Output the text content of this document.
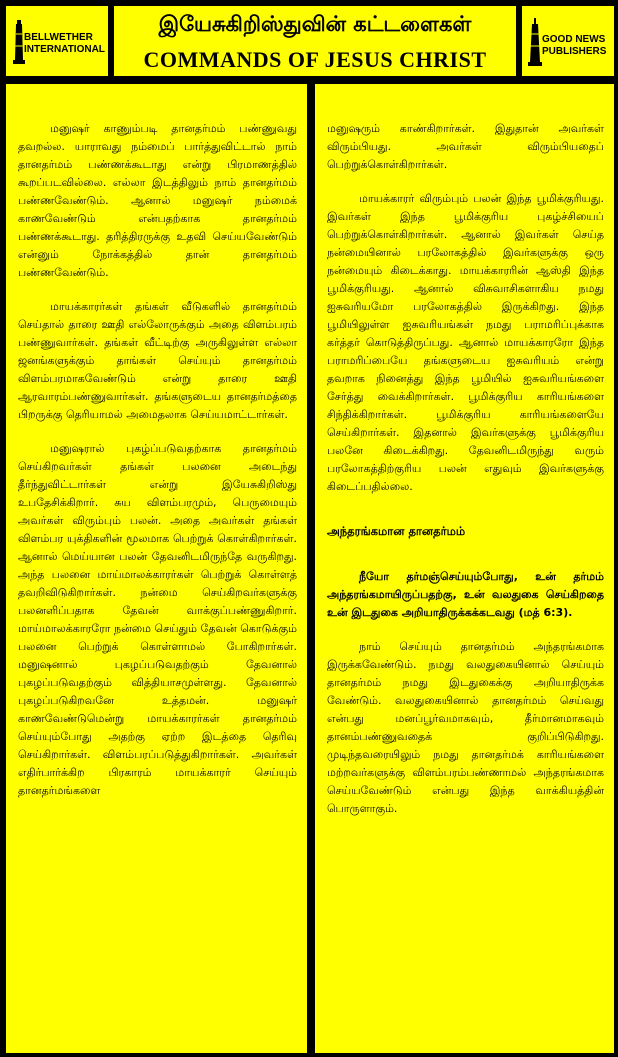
BELLWETHER
INTERNATIONAL
இயேசுகிறிஸ்துவின் கட்டளைகள்
COMMANDS OF JESUS CHRIST
GOOD NEWS
PUBLISHERS

மனுஷர் காணும்படி தானதர்மம் பண்ணுவது தவறல்ல. யாராவது நம்மைப் பார்த்துவிட்டால் நாம் தானதர்மம் பண்ணக்கூடாது என்று பிரமாணத்தில் கூறப்படவில்லை. எல்லா இடத்திலும் நாம் தானதர்மம் பண்ணவேண்டும். ஆனால் மனுஷர் நம்மைக் காணவேண்டும் என்பதற்காக தானதர்மம் பண்ணக்கூடாது. தரித்திரருக்கு உதவி செய்யவேண்டும் என்னும் நோக்கத்தில் தான் தானதர்மம் பண்ணவேண்டும்.

மாயக்காரர்கள் தங்கள் வீடுகளில் தானதர்மம் செய்தால் தாரை ஊதி எல்லோருக்கும் அதை விளம்பரம் பண்ணுவார்கள். தங்கள் வீட்டிற்கு அருகிலுள்ள எல்லா ஜனங்களுக்கும் தாங்கள் செய்யும் தானதர்மம் விளம்பரமாகவேண்டும் என்று தாரை ஊதி ஆரவாரம்பண்ணுவார்கள். தங்களுடைய தானதர்மத்தை பிறருக்கு தெரியாமல் அமைதலாக செய்யமாட்டார்கள்.

மனுஷரால் புகழ்ப்படுவதற்காக தானதர்மம் செய்கிறவர்கள் தங்கள் பலனை அடைந்து தீர்ந்துவிட்டார்கள் என்று இயேசுகிறிஸ்து உபதேசிக்கிறார். சுய விளம்பரமும், பெருமையும் அவர்கள் விரும்பும் பலன். அதை அவர்கள் தங்கள் விளம்பர யுக்திகளின் மூலமாக பெற்றுக் கொள்கிறார்கள். ஆனால் மெய்யான பலன் தேவனிடமிருந்தே வருகிறது. அந்த பலனை மாய்மாலக்காரர்கள் பெற்றுக் கொள்ளத் தவறிவிடுகிறார்கள். நன்மை செய்கிறவர்களுக்கு பலனளிப்பதாக தேவன் வாக்குப்பண்ணுகிறார். மாய்மாலக்காரரோ நன்மை செய்தும் தேவன் கொடுக்கும் பலனை பெற்றுக் கொள்ளாமல் போகிறார்கள். மனுஷனால் புகழப்படுவதற்கும் தேவனால் புகழப்படுவதற்கும் வித்தியாசமுள்ளது. தேவனால் புகழப்படுகிறவனே உத்தமன். மனுஷர் காணவேண்டுமென்று மாயக்காரர்கள் தானதர்மம் செய்யும்போது அதற்கு ஏற்ற இடத்தை தெரிவு செய்கிறார்கள். விளம்பரப்படுத்துகிறார்கள். அவர்கள் எதிர்பார்க்கிற பிரகாரம் மாயக்காரர் செய்யும் தானதர்மங்களை

மனுஷரும் காண்கிறார்கள். இதுதான் அவர்கள் விரும்பியது. அவர்கள் விரும்பியதைப் பெற்றுக்கொள்கிறார்கள்.

மாயக்காரர் விரும்பும் பலன் இந்த பூமிக்குரியது. இவர்கள் இந்த பூமிக்குரிய புகழ்ச்சியைப் பெற்றுக்கொள்கிறார்கள். ஆனால் இவர்கள் செய்த நன்மையினால் பரலோகத்தில் இவர்களுக்கு ஒரு நன்மையும் கிடைக்காது. மாயக்காரரின் ஆஸ்தி இந்த பூமிக்குரியது. ஆனால் விசுவாசிகளாகிய நமது ஐசுவரியமோ பரலோகத்தில் இருக்கிறது. இந்த பூமியிலுள்ள ஐசுவரியங்கள் நமது பராமரிப்புக்காக கர்த்தர் கொடுத்திருப்பது. ஆனால் மாயக்காரரோ இந்த பராமரிப்பையே தங்களுடைய ஐசுவரியம் என்று தவறாக நினைத்து இந்த பூமியில் ஐசுவரியங்களை சேர்த்து வைக்கிறார்கள். பூமிக்குரிய காரியங்களை சிந்திக்கிறார்கள். பூமிக்குரிய காரியங்களையே செய்கிறார்கள். இதனால் இவர்களுக்கு பூமிக்குரிய பலனே கிடைக்கிறது. தேவனிடமிருந்து வரும் பரலோகத்திற்குரிய பலன் எதுவும் இவர்களுக்கு கிடைப்பதில்லை.

அந்தரங்கமான தானதர்மம்

நீயோ தர்மஞ்செய்யும்போது, உன் தர்மம் அந்தரங்கமாயிருப்பதற்கு, உன் வலதுகை செய்கிறதை உன் இடதுகை அறியாதிருக்கக்கடவது (மத் 6:3).

நாம் செய்யும் தானதர்மம் அந்தரங்கமாக இருக்கவேண்டும். நமது வலதுகையினால் செய்யும் தானதர்மம் நமது இடதுகைக்கு அறியாதிருக்க வேண்டும். வலதுகையினால் தானதர்மம் செய்வது என்பது மனப்பூர்வமாகவும், தீர்மானமாகவும் தானம்பண்ணுவதைக் குறிப்பிடுகிறது. முடிந்தவரையிலும் நமது தானதர்மக் காரியங்களை மற்றவர்களுக்கு விளம்பரம்பண்ணாமல் அந்தரங்கமாக செய்யவேண்டும் என்பது இந்த வாக்கியத்தின் பொருளாகும்.
